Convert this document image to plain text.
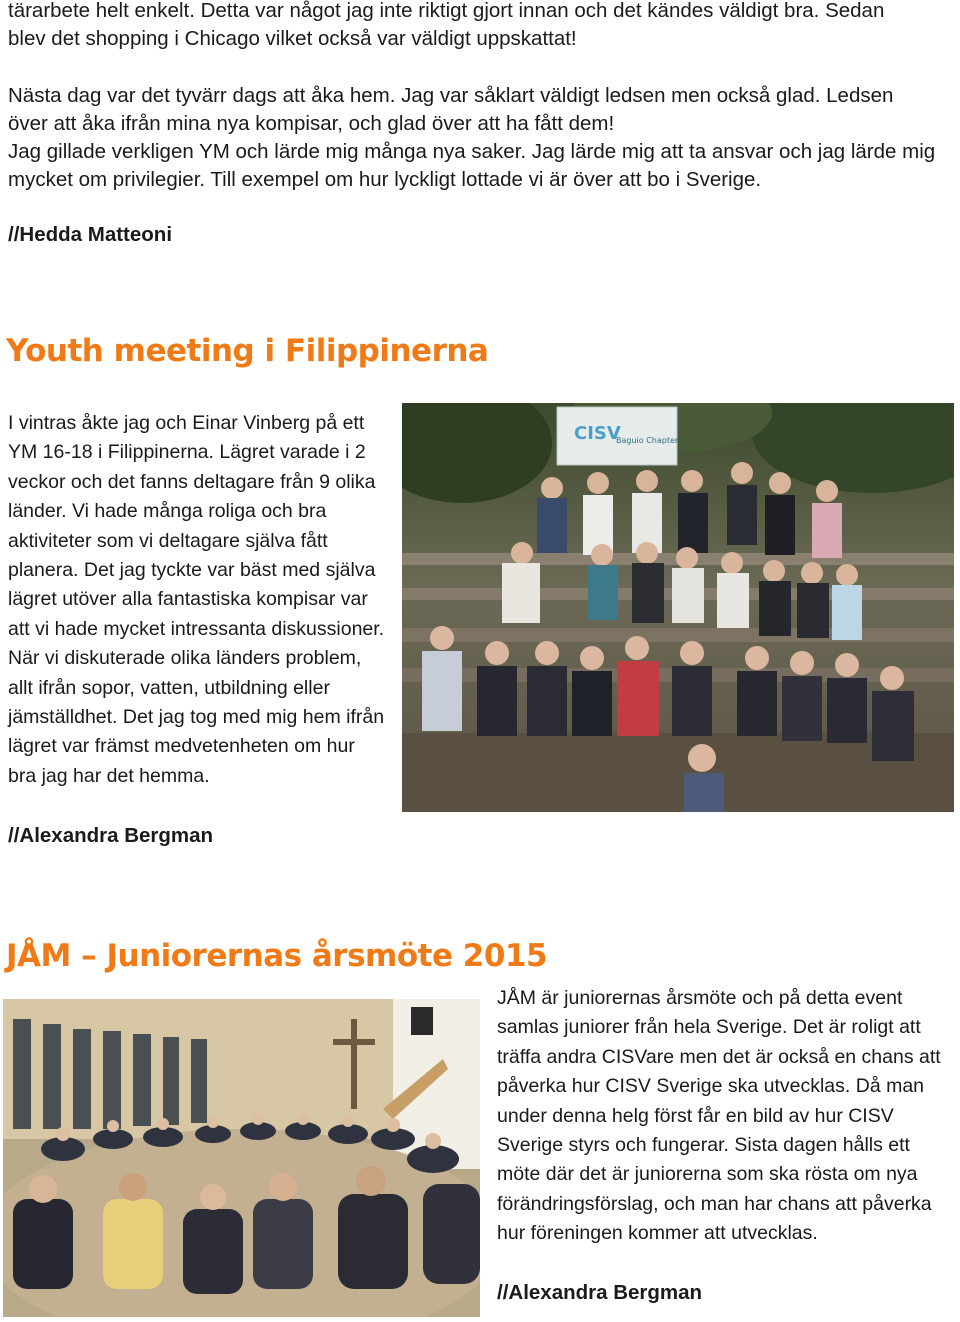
tärarbete helt enkelt. Detta var något jag inte riktigt gjort innan och det kändes väldigt bra. Sedan
blev det shopping i Chicago vilket också var väldigt uppskattat!
Nästa dag var det tyvärr dags att åka hem. Jag var såklart väldigt ledsen men också glad. Ledsen
över att åka ifrån mina nya kompisar, och glad över att ha fått dem!
Jag gillade verkligen YM och lärde mig många nya saker. Jag lärde mig att ta ansvar och jag lärde mig
mycket om privilegier. Till exempel om hur lyckligt lottade vi är över att bo i Sverige.
//Hedda Matteoni
Youth meeting i Filippinerna
I vintras åkte jag och Einar Vinberg på ett
YM 16-18 i Filippinerna. Lägret varade i 2
veckor och det fanns deltagare från 9 olika
länder. Vi hade många roliga och bra
aktiviteter som vi deltagare själva fått
planera. Det jag tyckte var bäst med själva
lägret utöver alla fantastiska kompisar var
att vi hade mycket intressanta diskussioner.
När vi diskuterade olika länders problem,
allt ifrån sopor, vatten, utbildning eller
jämställdhet. Det jag tog med mig hem ifrån
lägret var främst medvetenheten om hur
bra jag har det hemma.
CISV
Baguio Chapter
//Alexandra Bergman
JÅM – Juniorernas årsmöte 2015
JÅM är juniorernas årsmöte och på detta event
samlas juniorer från hela Sverige. Det är roligt att
träffa andra CISVare men det är också en chans att
påverka hur CISV Sverige ska utvecklas. Då man
under denna helg först får en bild av hur CISV
Sverige styrs och fungerar. Sista dagen hålls ett
möte där det är juniorerna som ska rösta om nya
förändringsförslag, och man har chans att påverka
hur föreningen kommer att utvecklas.
//Alexandra Bergman
